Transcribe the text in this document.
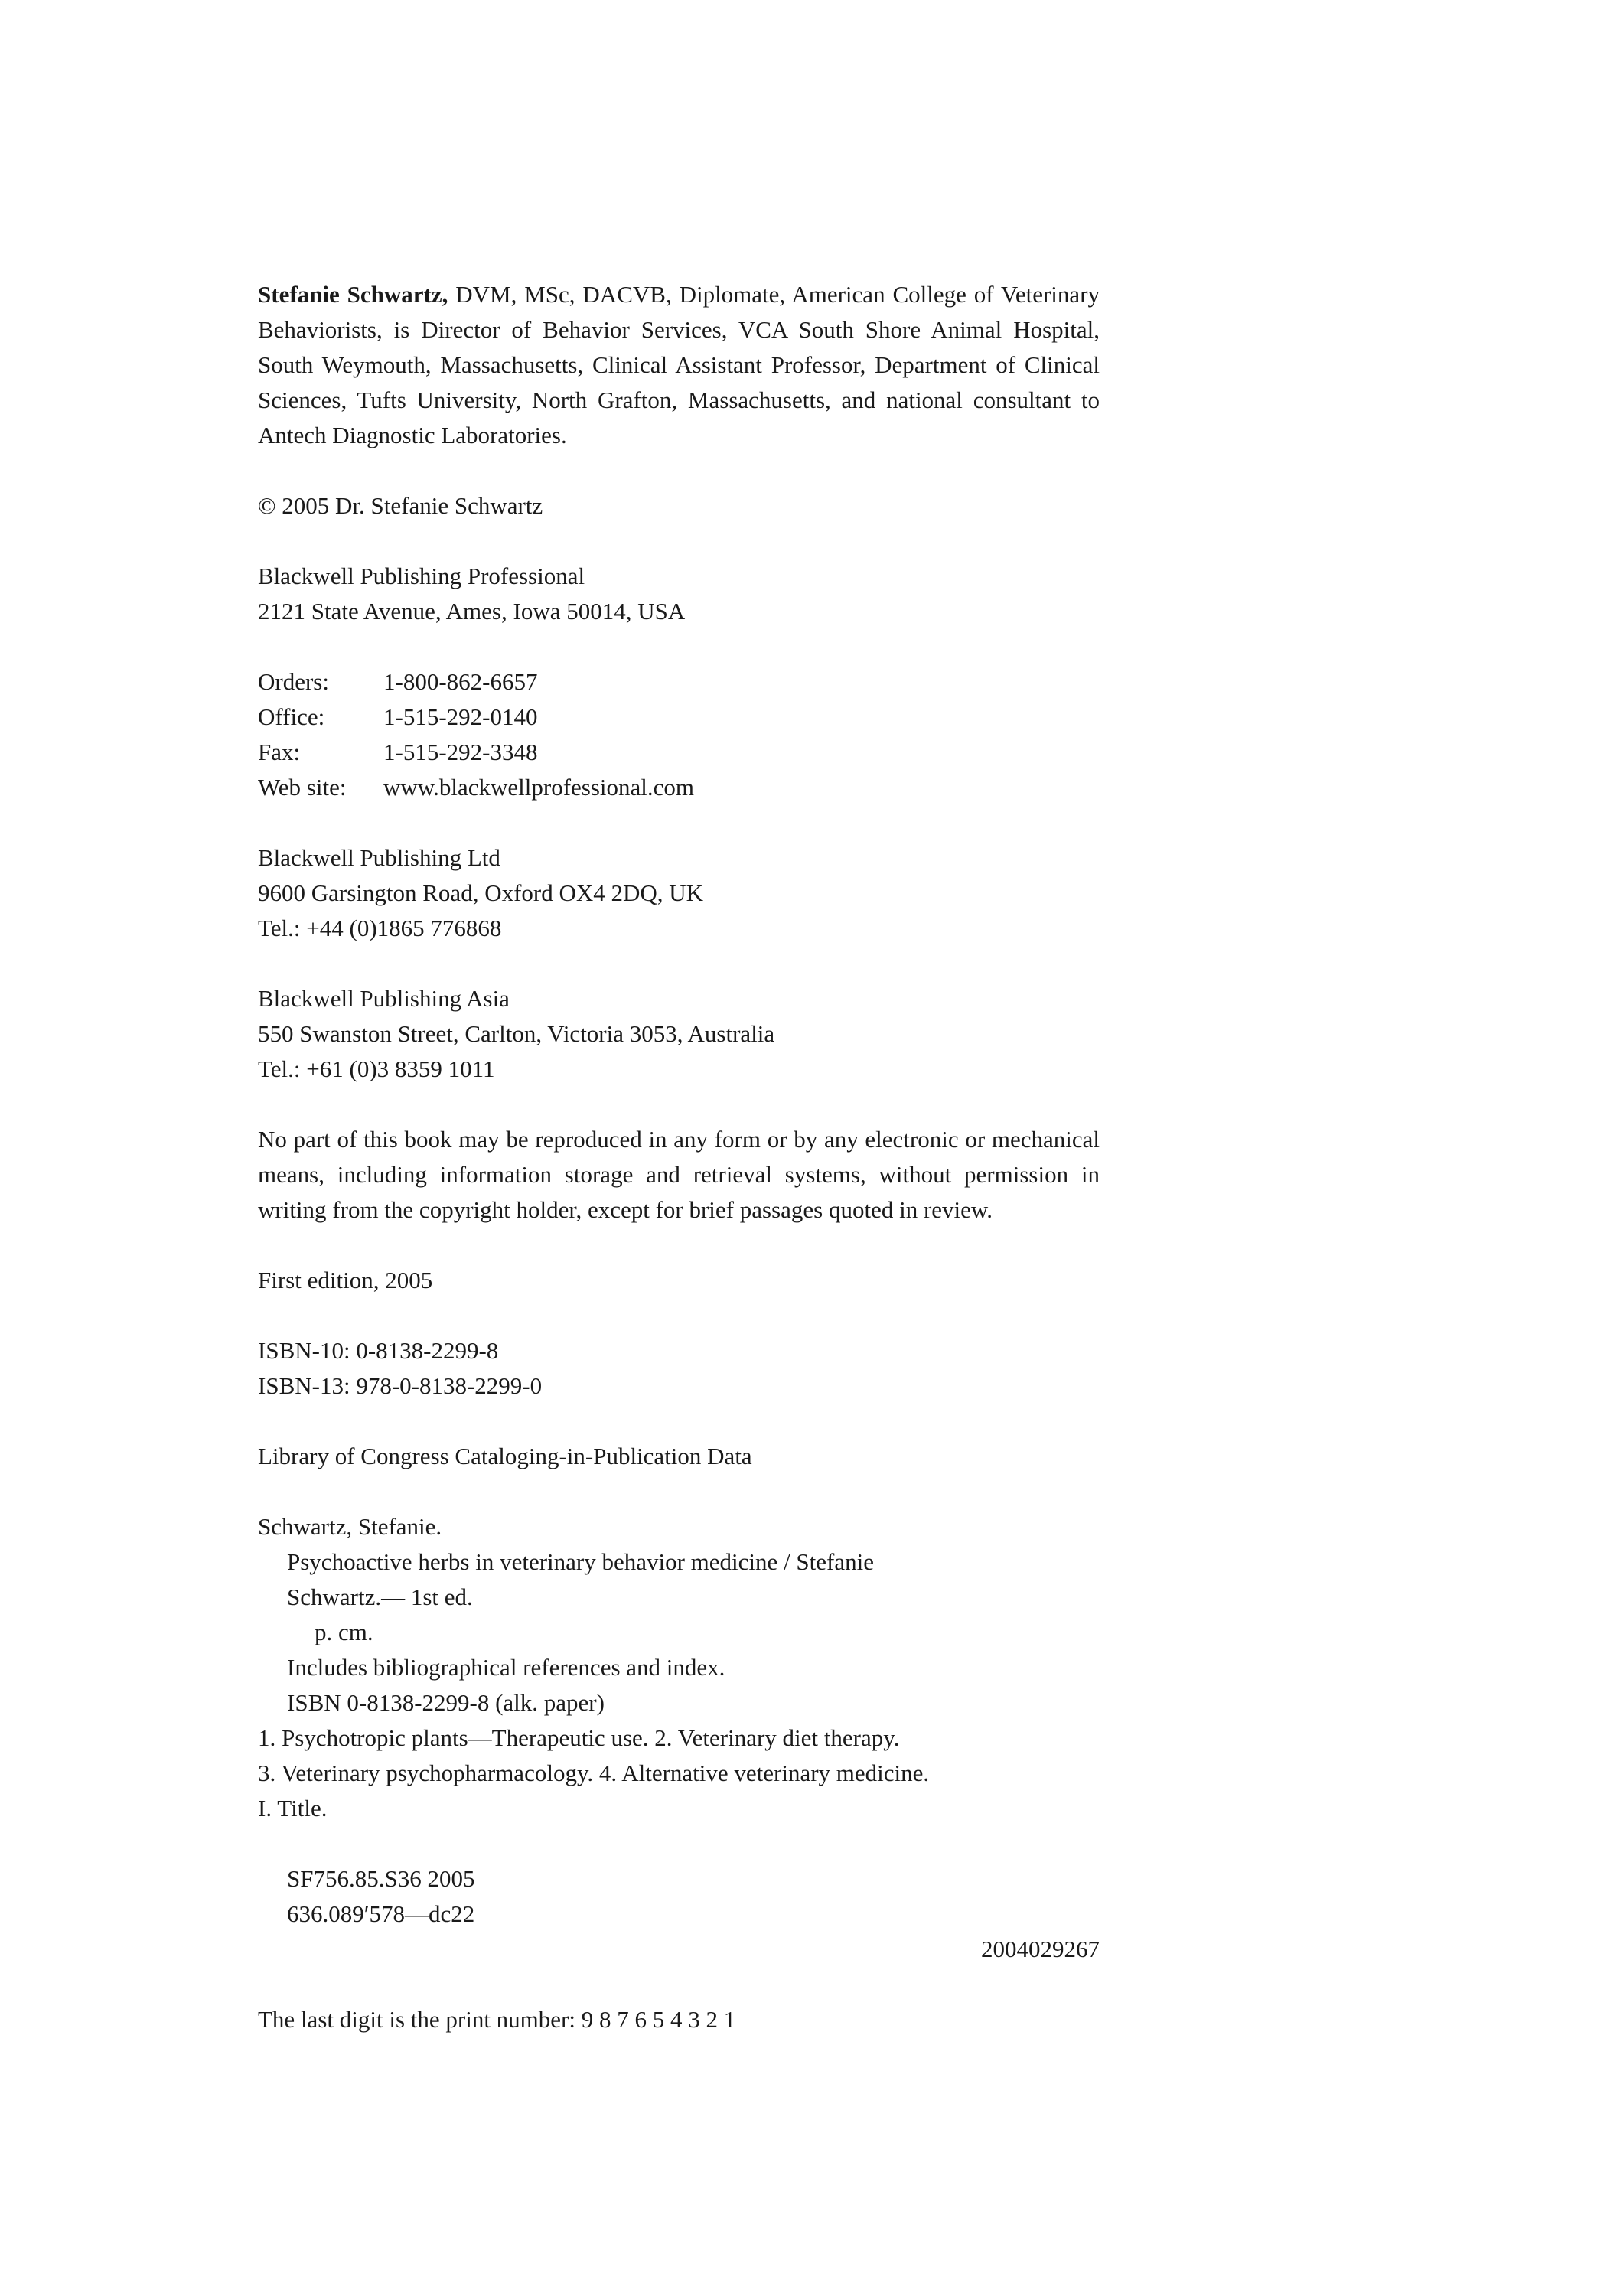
Stefanie Schwartz, DVM, MSc, DACVB, Diplomate, American College of Veterinary Behaviorists, is Director of Behavior Services, VCA South Shore Animal Hospital, South Weymouth, Massachusetts, Clinical Assistant Professor, Department of Clinical Sciences, Tufts University, North Grafton, Massachusetts, and national consultant to Antech Diagnostic Laboratories.

© 2005 Dr. Stefanie Schwartz

Blackwell Publishing Professional
2121 State Avenue, Ames, Iowa 50014, USA

Orders:	1-800-862-6657
Office:	1-515-292-0140
Fax:	1-515-292-3348
Web site:	www.blackwellprofessional.com

Blackwell Publishing Ltd
9600 Garsington Road, Oxford OX4 2DQ, UK
Tel.: +44 (0)1865 776868

Blackwell Publishing Asia
550 Swanston Street, Carlton, Victoria 3053, Australia
Tel.: +61 (0)3 8359 1011

No part of this book may be reproduced in any form or by any electronic or mechanical means, including information storage and retrieval systems, without permission in writing from the copyright holder, except for brief passages quoted in review.

First edition, 2005

ISBN-10: 0-8138-2299-8
ISBN-13: 978-0-8138-2299-0

Library of Congress Cataloging-in-Publication Data

Schwartz, Stefanie.
Psychoactive herbs in veterinary behavior medicine / Stefanie
Schwartz.— 1st ed.
p. cm.
Includes bibliographical references and index.
ISBN 0-8138-2299-8 (alk. paper)
1. Psychotropic plants—Therapeutic use. 2. Veterinary diet therapy.
3. Veterinary psychopharmacology. 4. Alternative veterinary medicine.
I. Title.
SF756.85.S36 2005
636.089′578—dc22
2004029267

The last digit is the print number: 9 8 7 6 5 4 3 2 1
